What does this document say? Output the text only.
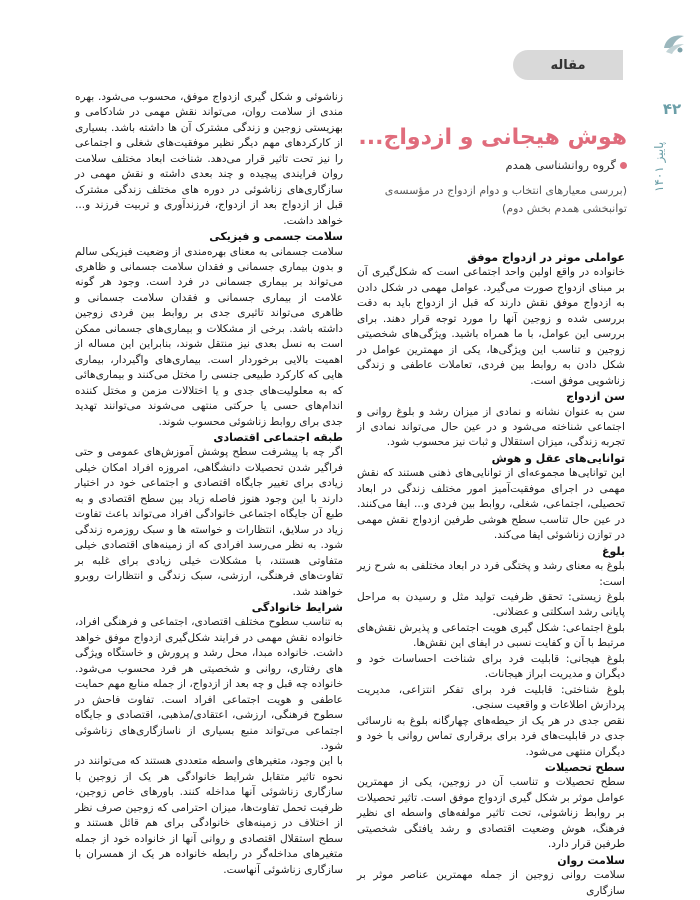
۴۲
پاییز ۱۴۰۱
مقاله
هوش هیجانی و ازدواج...
گروه روانشناسی همدم
(بررسی معیارهای انتخاب و دوام ازدواج در مؤسسه‌ی توانبخشی همدم بخش دوم)
عواملی موثر در ازدواج موفق

خانواده در واقع اولین واحد اجتماعی است که شکل‌گیری آن بر مبنای ازدواج صورت می‌گیرد. عوامل مهمی در شکل دادن به ازدواج موفق نقش دارند که قبل از ازدواج باید به دقت بررسی شده و زوجین آنها را مورد توجه قرار دهند. برای بررسی این عوامل، با ما همراه باشید. ویژگی‌های شخصیتی زوجین و تناسب این ویژگی‌ها، یکی از مهمترین عوامل در شکل دادن به روابط بین فردی، تعاملات عاطفی و زندگی زناشویی موفق است.

سن ازدواج

سن به عنوان نشانه و نمادی از میزان رشد و بلوغ روانی و اجتماعی شناخته می‌شود و در عین حال می‌تواند نمادی از تجربه زندگی، میزان استقلال و ثبات نیز محسوب شود.

توانایی‌های عقل و هوش

این توانایی‌ها مجموعه‌ای از توانایی‌های ذهنی هستند که نقش مهمی در اجرای موفقیت‌آمیز امور مختلف زندگی در ابعاد تحصیلی، اجتماعی، شغلی، روابط بین فردی و... ایفا می‌کنند. در عین حال تناسب سطح هوشی طرفین ازدواج نقش مهمی در توازن زناشوئی ایفا می‌کند.

بلوغ

بلوغ به معنای رشد و پختگی فرد در ابعاد مختلفی به شرح زیر است:

بلوغ زیستی: تحقق ظرفیت تولید مثل و رسیدن به مراحل پایانی رشد اسکلتی و عضلانی.

بلوغ اجتماعی: شکل گیری هویت اجتماعی و پذیرش نقش‌های مرتبط با آن و کفایت نسبی در ایفای این نقش‌ها.

بلوغ هیجانی: قابلیت فرد برای شناخت احساسات خود و دیگران و مدیریت ابراز هیجانات.

بلوغ شناختی: قابلیت فرد برای تفکر انتزاعی، مدیریت پردازش اطلاعات و واقعیت سنجی.

نقص جدی در هر یک از حیطه‌های چهارگانه بلوغ به نارسائی جدی در قابلیت‌های فرد برای برقراری تماس روانی با خود و دیگران منتهی می‌شود.

سطح تحصیلات

سطح تحصیلات و تناسب آن در زوجین، یکی از مهمترین عوامل موثر بر شکل گیری ازدواج موفق است. تاثیر تحصیلات بر روابط زناشوئی، تحت تاثیر مولفه‌های واسطه ای نظیر فرهنگ، هوش وضعیت اقتصادی و رشد یافتگی شخصیتی طرفین قرار دارد.

سلامت روان

سلامت روانی زوجین از جمله مهمترین عناصر موثر بر سازگاری

زناشوئی و شکل گیری ازدواج موفق، محسوب می‌شود. بهره مندی از سلامت روان، می‌تواند نقش مهمی در شادکامی و بهزیستی زوجین و زندگی مشترک آن ها داشته باشد. بسیاری از کارکردهای مهم دیگر نظیر موفقیت‌های شغلی و اجتماعی را نیز تحت تاثیر قرار می‌دهد. شناخت ابعاد مختلف سلامت روان فرایندی پیچیده و چند بعدی داشته و نقش مهمی در سازگاری‌های زناشوئی در دوره های مختلف زندگی مشترک قبل از ازدواج بعد از ازدواج، فرزندآوری و تربیت فرزند و... خواهد داشت.

سلامت جسمی و فیزیکی

سلامت جسمانی به معنای بهره‌مندی از وضعیت فیزیکی سالم و بدون بیماری جسمانی و فقدان سلامت جسمانی و ظاهری می‌تواند بر بیماری جسمانی در فرد است. وجود هر گونه علامت از بیماری جسمانی و فقدان سلامت جسمانی و ظاهری می‌تواند تاثیری جدی بر روابط بین فردی زوجین داشته باشد. برخی از مشکلات و بیماری‌های جسمانی ممکن است به نسل بعدی نیز منتقل شوند، بنابراین این مساله از اهمیت بالایی برخوردار است. بیماری‌های واگیردار، بیماری هایی که کارکرد طبیعی جنسی را مختل می‌کنند و بیماری‌هائی که به معلولیت‌های جدی و یا اختلالات مزمن و مختل کننده اندام‌های حسی یا حرکتی منتهی می‌شوند می‌توانند تهدید جدی برای روابط زناشوئی محسوب شوند.

طبقه اجتماعی اقتصادی

اگر چه با پیشرفت سطح پوشش آموزش‌های عمومی و حتی فراگیر شدن تحصیلات دانشگاهی، امروزه افراد امکان خیلی زیادی برای تغییر جایگاه اقتصادی و اجتماعی خود در اختیار دارند با این وجود هنوز فاصله زیاد بین سطح اقتصادی و به طبع آن جایگاه اجتماعی خانوادگی افراد می‌تواند باعث تفاوت زیاد در سلایق، انتظارات و خواسته ها و سبک روزمره زندگی شود. به نظر می‌رسد افرادی که از زمینه‌های اقتصادی خیلی متفاوتی هستند، با مشکلات خیلی زیادی برای غلبه بر تفاوت‌های فرهنگی، ارزشی، سبک زندگی و انتظارات روبرو خواهند شد.

شرایط خانوادگی

به تناسب سطوح مختلف اقتصادی، اجتماعی و فرهنگی افراد، خانواده نقش مهمی در فرایند شکل‌گیری ازدواج موفق خواهد داشت. خانواده مبدا، محل رشد و پرورش و خاستگاه ویژگی های رفتاری، روانی و شخصیتی هر فرد محسوب می‌شود. خانواده چه قبل و چه بعد از ازدواج، از جمله منابع مهم حمایت عاطفی و هویت اجتماعی افراد است. تفاوت فاحش در سطوح فرهنگی، ارزشی، اعتقادی/مذهبی، اقتصادی و جایگاه اجتماعی می‌تواند منبع بسیاری از ناسازگاری‌های زناشوئی شود.

با این وجود، متغیرهای واسطه متعددی هستند که می‌توانند در نحوه تاثیر متقابل شرایط خانوادگی هر یک از زوجین با سازگاری زناشوئی آنها مداخله کنند. باورهای خاص زوجین، ظرفیت تحمل تفاوت‌ها، میزان احترامی که زوجین صرف نظر از اختلاف در زمینه‌های خانوادگی برای هم قائل هستند و سطح استقلال اقتصادی و روانی آنها از خانواده خود از جمله متغیرهای مداخله‌گر در رابطه خانواده هر یک از همسران با سازگاری زناشوئی آنهاست.
